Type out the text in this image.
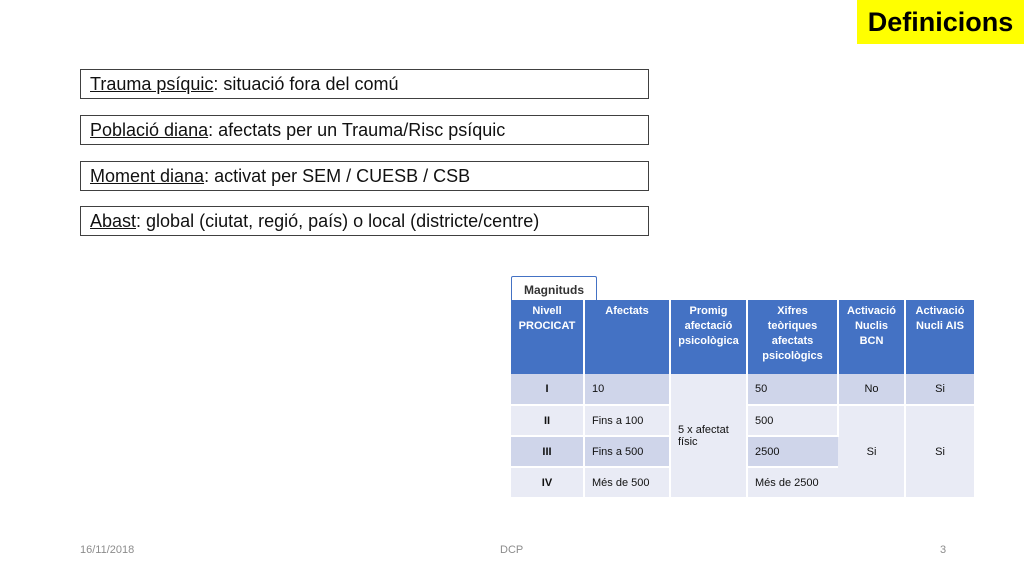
Definicions
Trauma psíquic : situació fora del comú
Població diana : afectats per un Trauma/Risc psíquic
Moment diana : activat per SEM / CUESB / CSB
Abast : global (ciutat, regió, país) o local (districte/centre)
Magnituds
Nivell PROCICAT	Afectats	Promig afectació psicològica	Xifres teòriques afectats psicològics	Activació Nuclis BCN	Activació Nucli AIS
I	10	5 x afectat físic	50	No	Si
II	Fins a 100		500	Si	Si
III	Fins a 500		2500		
IV	Més de 500		Més de 2500		
16/11/2018	DCP	3
